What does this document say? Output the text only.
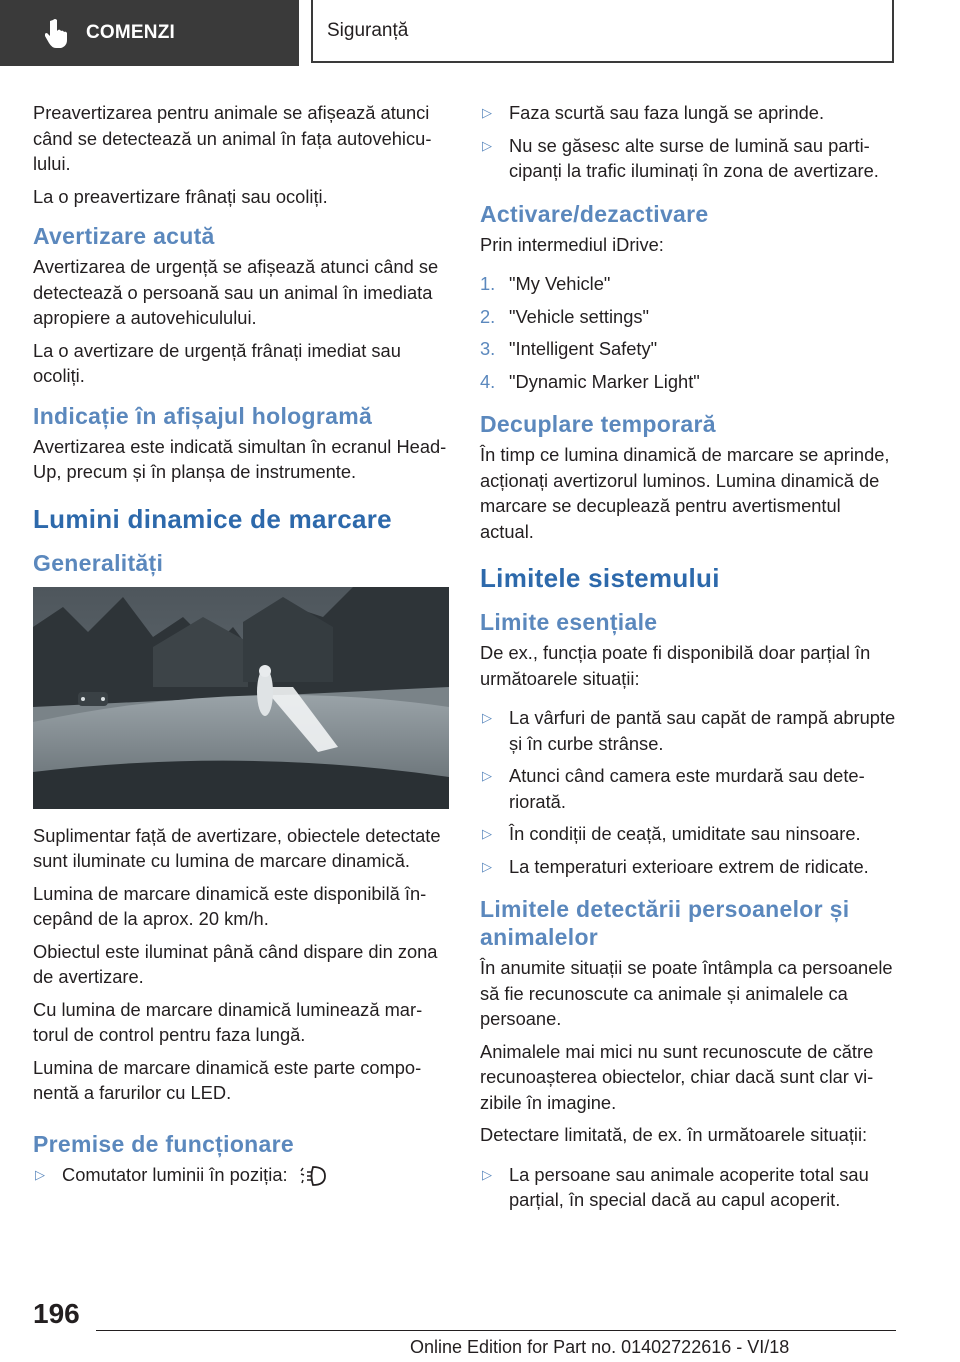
COMENZI	Siguranță

Preavertizarea pentru animale se afișează atunci când se detectează un animal în fața autovehiculului.

La o preavertizare frânați sau ocoliți.

Avertizare acută

Avertizarea de urgență se afișează atunci când se detectează o persoană sau un animal în imediata apropiere a autovehiculului.

La o avertizare de urgență frânați imediat sau ocoliți.

Indicație în afișajul hologramă

Avertizarea este indicată simultan în ecranul Head-Up, precum și în planșa de instrumente.

Lumini dinamice de marcare
Generalități

Suplimentar față de avertizare, obiectele detectate sunt iluminate cu lumina de marcare dinamică.

Lumina de marcare dinamică este disponibilă începând de la aprox. 20 km/h.

Obiectul este iluminat până când dispare din zona de avertizare.

Cu lumina de marcare dinamică luminează martorul de control pentru faza lungă.

Lumina de marcare dinamică este parte componentă a farurilor cu LED.

Premise de funcționare
▷ Comutator luminii în poziția:
▷ Faza scurtă sau faza lungă se aprinde.
▷ Nu se găsesc alte surse de lumină sau participanți la trafic iluminați în zona de avertizare.
Activare/dezactivare

Prin intermediul iDrive:

1. "My Vehicle"
2. "Vehicle settings"
3. "Intelligent Safety"
4. "Dynamic Marker Light"
Decuplare temporară

În timp ce lumina dinamică de marcare se aprinde, acționați avertizorul luminos. Lumina dinamică de marcare se decuplează pentru avertismentul actual.

Limitele sistemului
Limite esențiale

De ex., funcția poate fi disponibilă doar parțial în următoarele situații:

▷ La vârfuri de pantă sau capăt de rampă abrupte și în curbe strânse.
▷ Atunci când camera este murdară sau deteriorată.
▷ În condiții de ceață, umiditate sau ninsoare.
▷ La temperaturi exterioare extrem de ridicate.
Limitele detectării persoanelor și animalelor

În anumite situații se poate întâmpla ca persoanele să fie recunoscute ca animale și animalele ca persoane.

Animalele mai mici nu sunt recunoscute de către recunoașterea obiectelor, chiar dacă sunt clar vizibile în imagine.

Detectare limitată, de ex. în următoarele situații:

▷ La persoane sau animale acoperite total sau parțial, în special dacă au capul acoperit.
196
Online Edition for Part no. 01402722616 - VI/18
